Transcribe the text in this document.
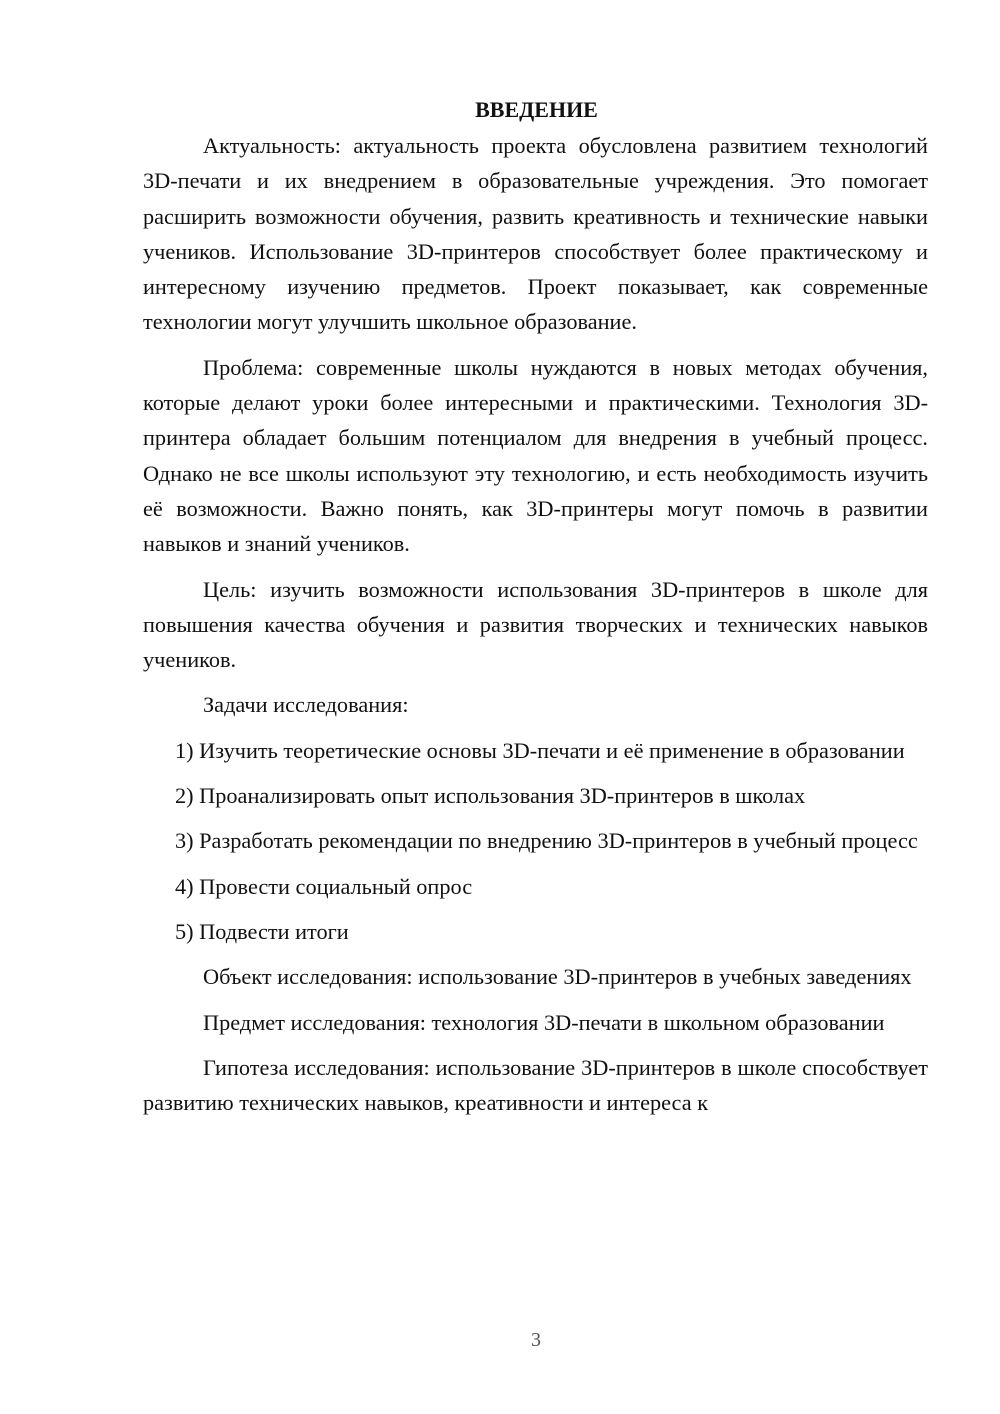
ВВЕДЕНИЕ

Актуальность: актуальность проекта обусловлена развитием технологий 3D-печати и их внедрением в образовательные учреждения. Это помогает расширить возможности обучения, развить креативность и технические навыки учеников. Использование 3D-принтеров способствует более практическому и интересному изучению предметов. Проект показывает, как современные технологии могут улучшить школьное образование.

Проблема: современные школы нуждаются в новых методах обучения, которые делают уроки более интересными и практическими. Технология 3D-принтера обладает большим потенциалом для внедрения в учебный процесс. Однако не все школы используют эту технологию, и есть необходимость изучить её возможности. Важно понять, как 3D-принтеры могут помочь в развитии навыков и знаний учеников.

Цель: изучить возможности использования 3D-принтеров в школе для повышения качества обучения и развития творческих и технических навыков учеников.

Задачи исследования:

1) Изучить теоретические основы 3D-печати и её применение в образовании

2) Проанализировать опыт использования 3D-принтеров в школах

3) Разработать рекомендации по внедрению 3D-принтеров в учебный процесс

4) Провести социальный опрос

5) Подвести итоги

Объект исследования: использование 3D-принтеров в учебных заведениях

Предмет исследования: технология 3D-печати в школьном образовании

Гипотеза исследования: использование 3D-принтеров в школе способствует развитию технических навыков, креативности и интереса к

3
